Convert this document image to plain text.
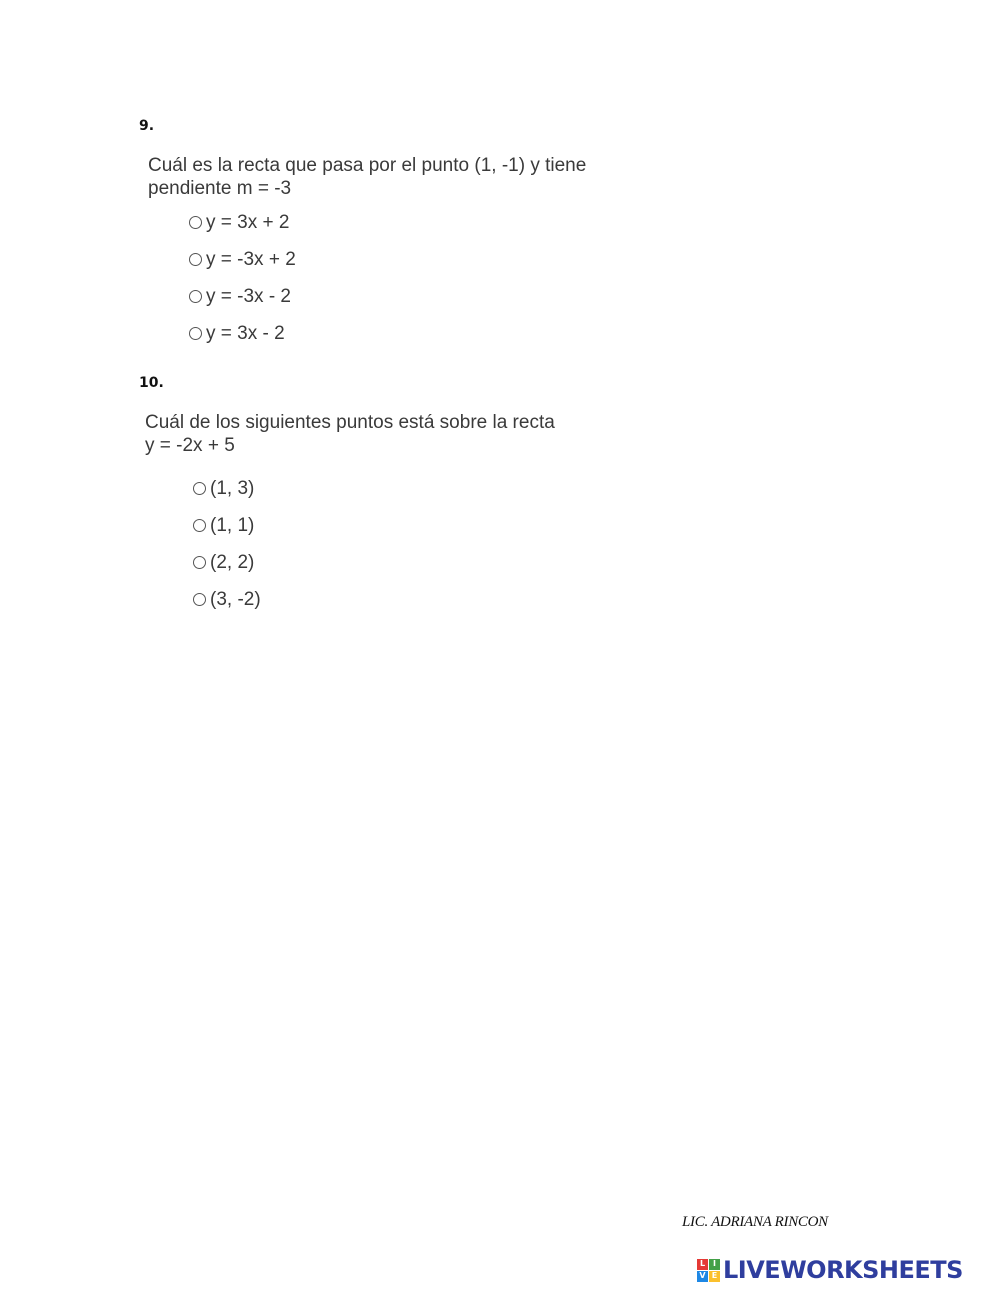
9.
Cuál es la recta que pasa por el punto (1, -1) y tiene
pendiente m = -3
y = 3x + 2
y = -3x + 2
y = -3x - 2
y = 3x - 2
10.
Cuál de los siguientes puntos está sobre la recta
y = -2x + 5
(1, 3)
(1, 1)
(2, 2)
(3, -2)
LIC. ADRIANA RINCON
L I
V E LIVEWORKSHEETS
